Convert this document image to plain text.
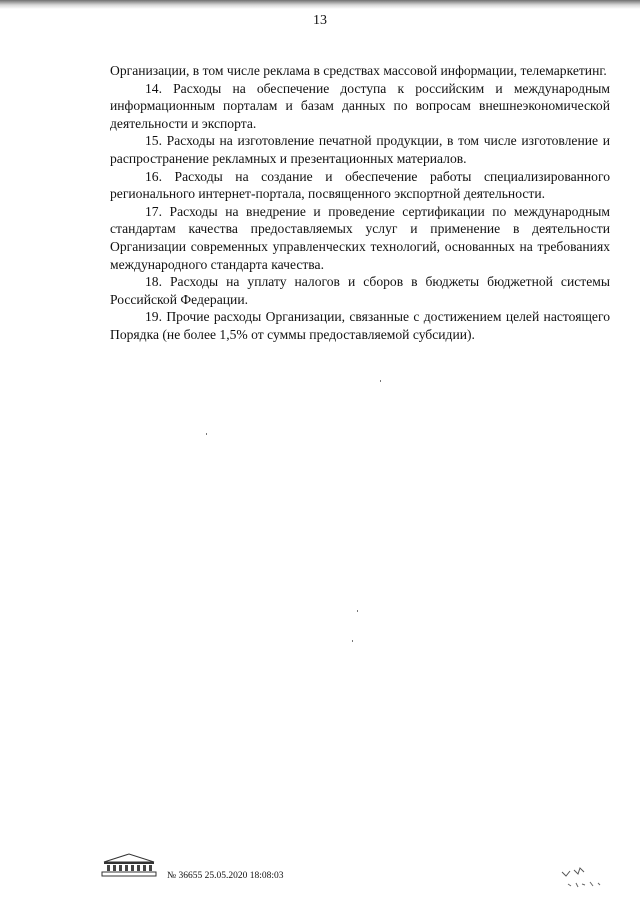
13

Организации, в том числе реклама в средствах массовой информации, телемаркетинг.

14. Расходы на обеспечение доступа к российским и международным информационным порталам и базам данных по вопросам внешнеэкономической деятельности и экспорта.

15. Расходы на изготовление печатной продукции, в том числе изготовление и распространение рекламных и презентационных материалов.

16. Расходы на создание и обеспечение работы специализированного регионального интернет-портала, посвященного экспортной деятельности.

17. Расходы на внедрение и проведение сертификации по международным стандартам качества предоставляемых услуг и применение в деятельности Организации современных управленческих технологий, основанных на требованиях международного стандарта качества.

18. Расходы на уплату налогов и сборов в бюджеты бюджетной системы Российской Федерации.

19. Прочие расходы Организации, связанные с достижением целей настоящего Порядка (не более 1,5% от суммы предоставляемой субсидии).

№ 36655 25.05.2020 18:08:03
